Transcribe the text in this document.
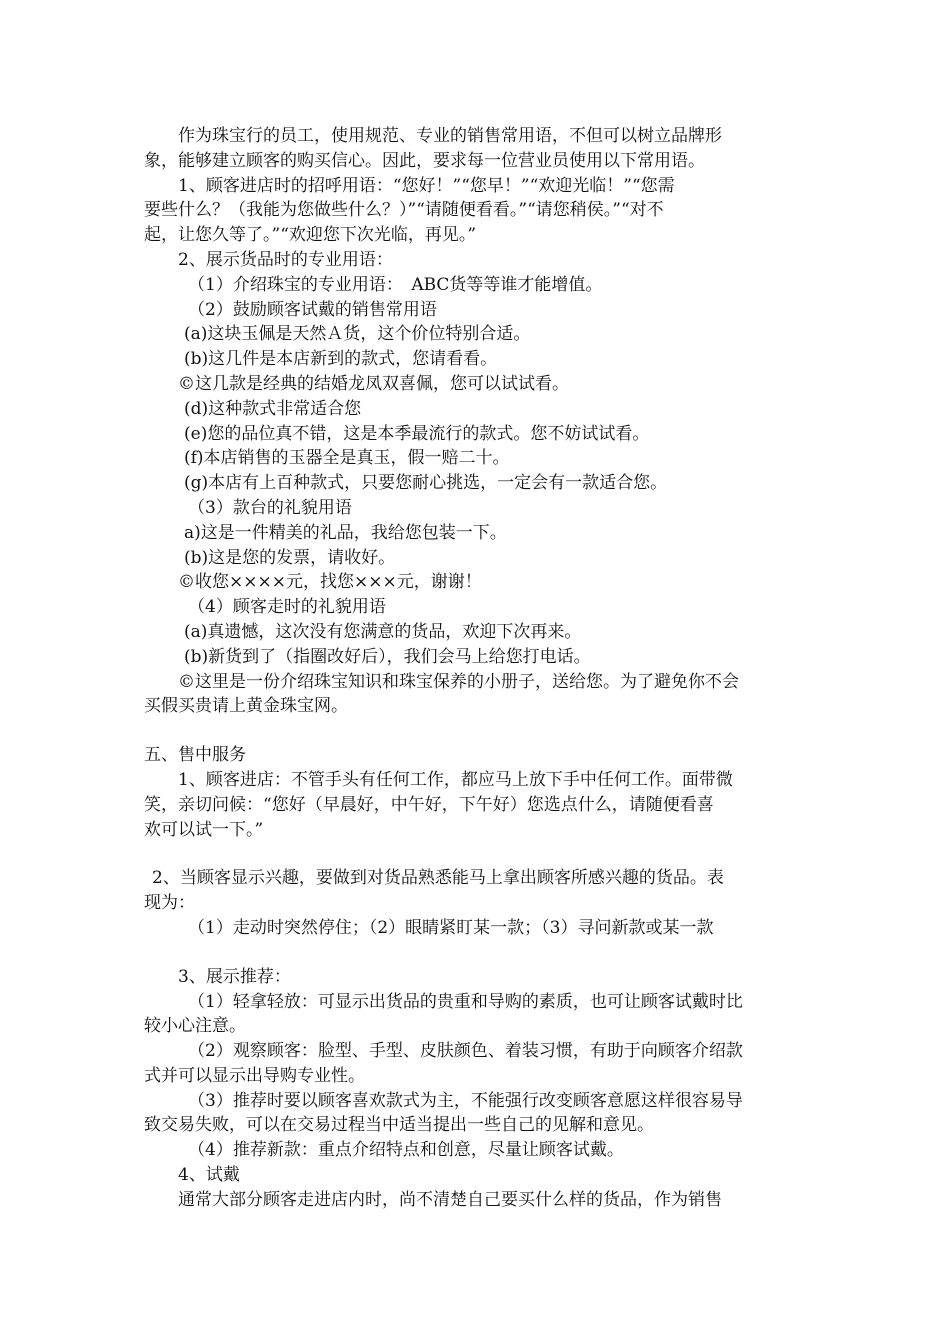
作为珠宝行的员工，使用规范、专业的销售常用语，不但可以树立品牌形
象，能够建立顾客的购买信心。因此，要求每一位营业员使用以下常用语。
1、顾客进店时的招呼用语：“您好！”“您早！”“欢迎光临！”“您需
要些什么？（我能为您做些什么？）”“请随便看看。”“请您稍侯。”“对不
起，让您久等了。”“欢迎您下次光临，再见。”
2、展示货品时的专业用语：
（1）介绍珠宝的专业用语：　ABC货等等谁才能增值。
（2）鼓励顾客试戴的销售常用语
(a)这块玉佩是天然Ａ货，这个价位特别合适。
(b)这几件是本店新到的款式，您请看看。
©这几款是经典的结婚龙凤双喜佩，您可以试试看。
(d)这种款式非常适合您
(e)您的品位真不错，这是本季最流行的款式。您不妨试试看。
(f)本店销售的玉器全是真玉，假一赔二十。
(g)本店有上百种款式，只要您耐心挑选，一定会有一款适合您。
（3）款台的礼貌用语
a)这是一件精美的礼品，我给您包装一下。
(b)这是您的发票，请收好。
©收您××××元，找您×××元，谢谢！
（4）顾客走时的礼貌用语
(a)真遗憾，这次没有您满意的货品，欢迎下次再来。
(b)新货到了（指圈改好后），我们会马上给您打电话。
©这里是一份介绍珠宝知识和珠宝保养的小册子，送给您。为了避免你不会
买假买贵请上黄金珠宝网。
五、售中服务
1、顾客进店：不管手头有任何工作，都应马上放下手中任何工作。面带微
笑，亲切问候：“您好（早晨好，中午好，下午好）您选点什么，请随便看喜
欢可以试一下。”
2、当顾客显示兴趣，要做到对货品熟悉能马上拿出顾客所感兴趣的货品。表
现为：
（1）走动时突然停住；（2）眼睛紧盯某一款；（3）寻问新款或某一款
3、展示推荐：
（1）轻拿轻放：可显示出货品的贵重和导购的素质，也可让顾客试戴时比
较小心注意。
（2）观察顾客：脸型、手型、皮肤颜色、着装习惯，有助于向顾客介绍款
式并可以显示出导购专业性。
（3）推荐时要以顾客喜欢款式为主，不能强行改变顾客意愿这样很容易导
致交易失败，可以在交易过程当中适当提出一些自己的见解和意见。
（4）推荐新款：重点介绍特点和创意，尽量让顾客试戴。
4、试戴
通常大部分顾客走进店内时，尚不清楚自己要买什么样的货品，作为销售
